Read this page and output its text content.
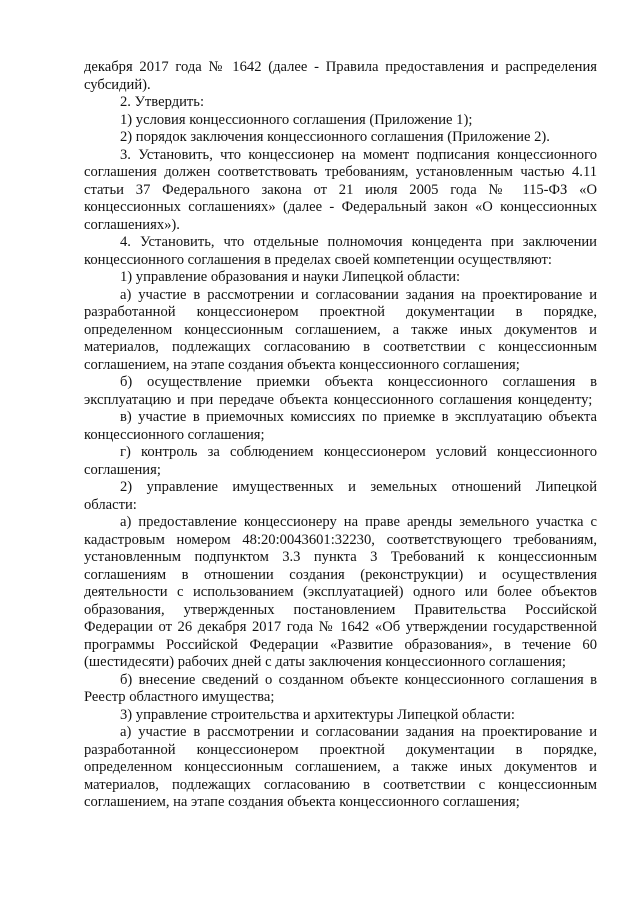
декабря 2017 года № 1642 (далее - Правила предоставления и распределения субсидий).

2. Утвердить:

1) условия концессионного соглашения (Приложение 1);

2) порядок заключения концессионного соглашения (Приложение 2).

3. Установить, что концессионер на момент подписания концессионного соглашения должен соответствовать требованиям, установленным частью 4.11 статьи 37 Федерального закона от 21 июля 2005 года № 115-ФЗ «О концессионных соглашениях» (далее - Федеральный закон «О концессионных соглашениях»).

4. Установить, что отдельные полномочия концедента при заключении концессионного соглашения в пределах своей компетенции осуществляют:

1) управление образования и науки Липецкой области:

а) участие в рассмотрении и согласовании задания на проектирование и разработанной концессионером проектной документации в порядке, определенном концессионным соглашением, а также иных документов и материалов, подлежащих согласованию в соответствии с концессионным соглашением, на этапе создания объекта концессионного соглашения;

б) осуществление приемки объекта концессионного соглашения в эксплуатацию и при передаче объекта концессионного соглашения концеденту;

в) участие в приемочных комиссиях по приемке в эксплуатацию объекта концессионного соглашения;

г) контроль за соблюдением концессионером условий концессионного соглашения;

2) управление имущественных и земельных отношений Липецкой области:

а) предоставление концессионеру на праве аренды земельного участка с кадастровым номером 48:20:0043601:32230, соответствующего требованиям, установленным подпунктом 3.3 пункта 3 Требований к концессионным соглашениям в отношении создания (реконструкции) и осуществления деятельности с использованием (эксплуатацией) одного или более объектов образования, утвержденных постановлением Правительства Российской Федерации от 26 декабря 2017 года № 1642 «Об утверждении государственной программы Российской Федерации «Развитие образования», в течение 60 (шестидесяти) рабочих дней с даты заключения концессионного соглашения;

б) внесение сведений о созданном объекте концессионного соглашения в Реестр областного имущества;

3) управление строительства и архитектуры Липецкой области:

а) участие в рассмотрении и согласовании задания на проектирование и разработанной концессионером проектной документации в порядке, определенном концессионным соглашением, а также иных документов и материалов, подлежащих согласованию в соответствии с концессионным соглашением, на этапе создания объекта концессионного соглашения;
